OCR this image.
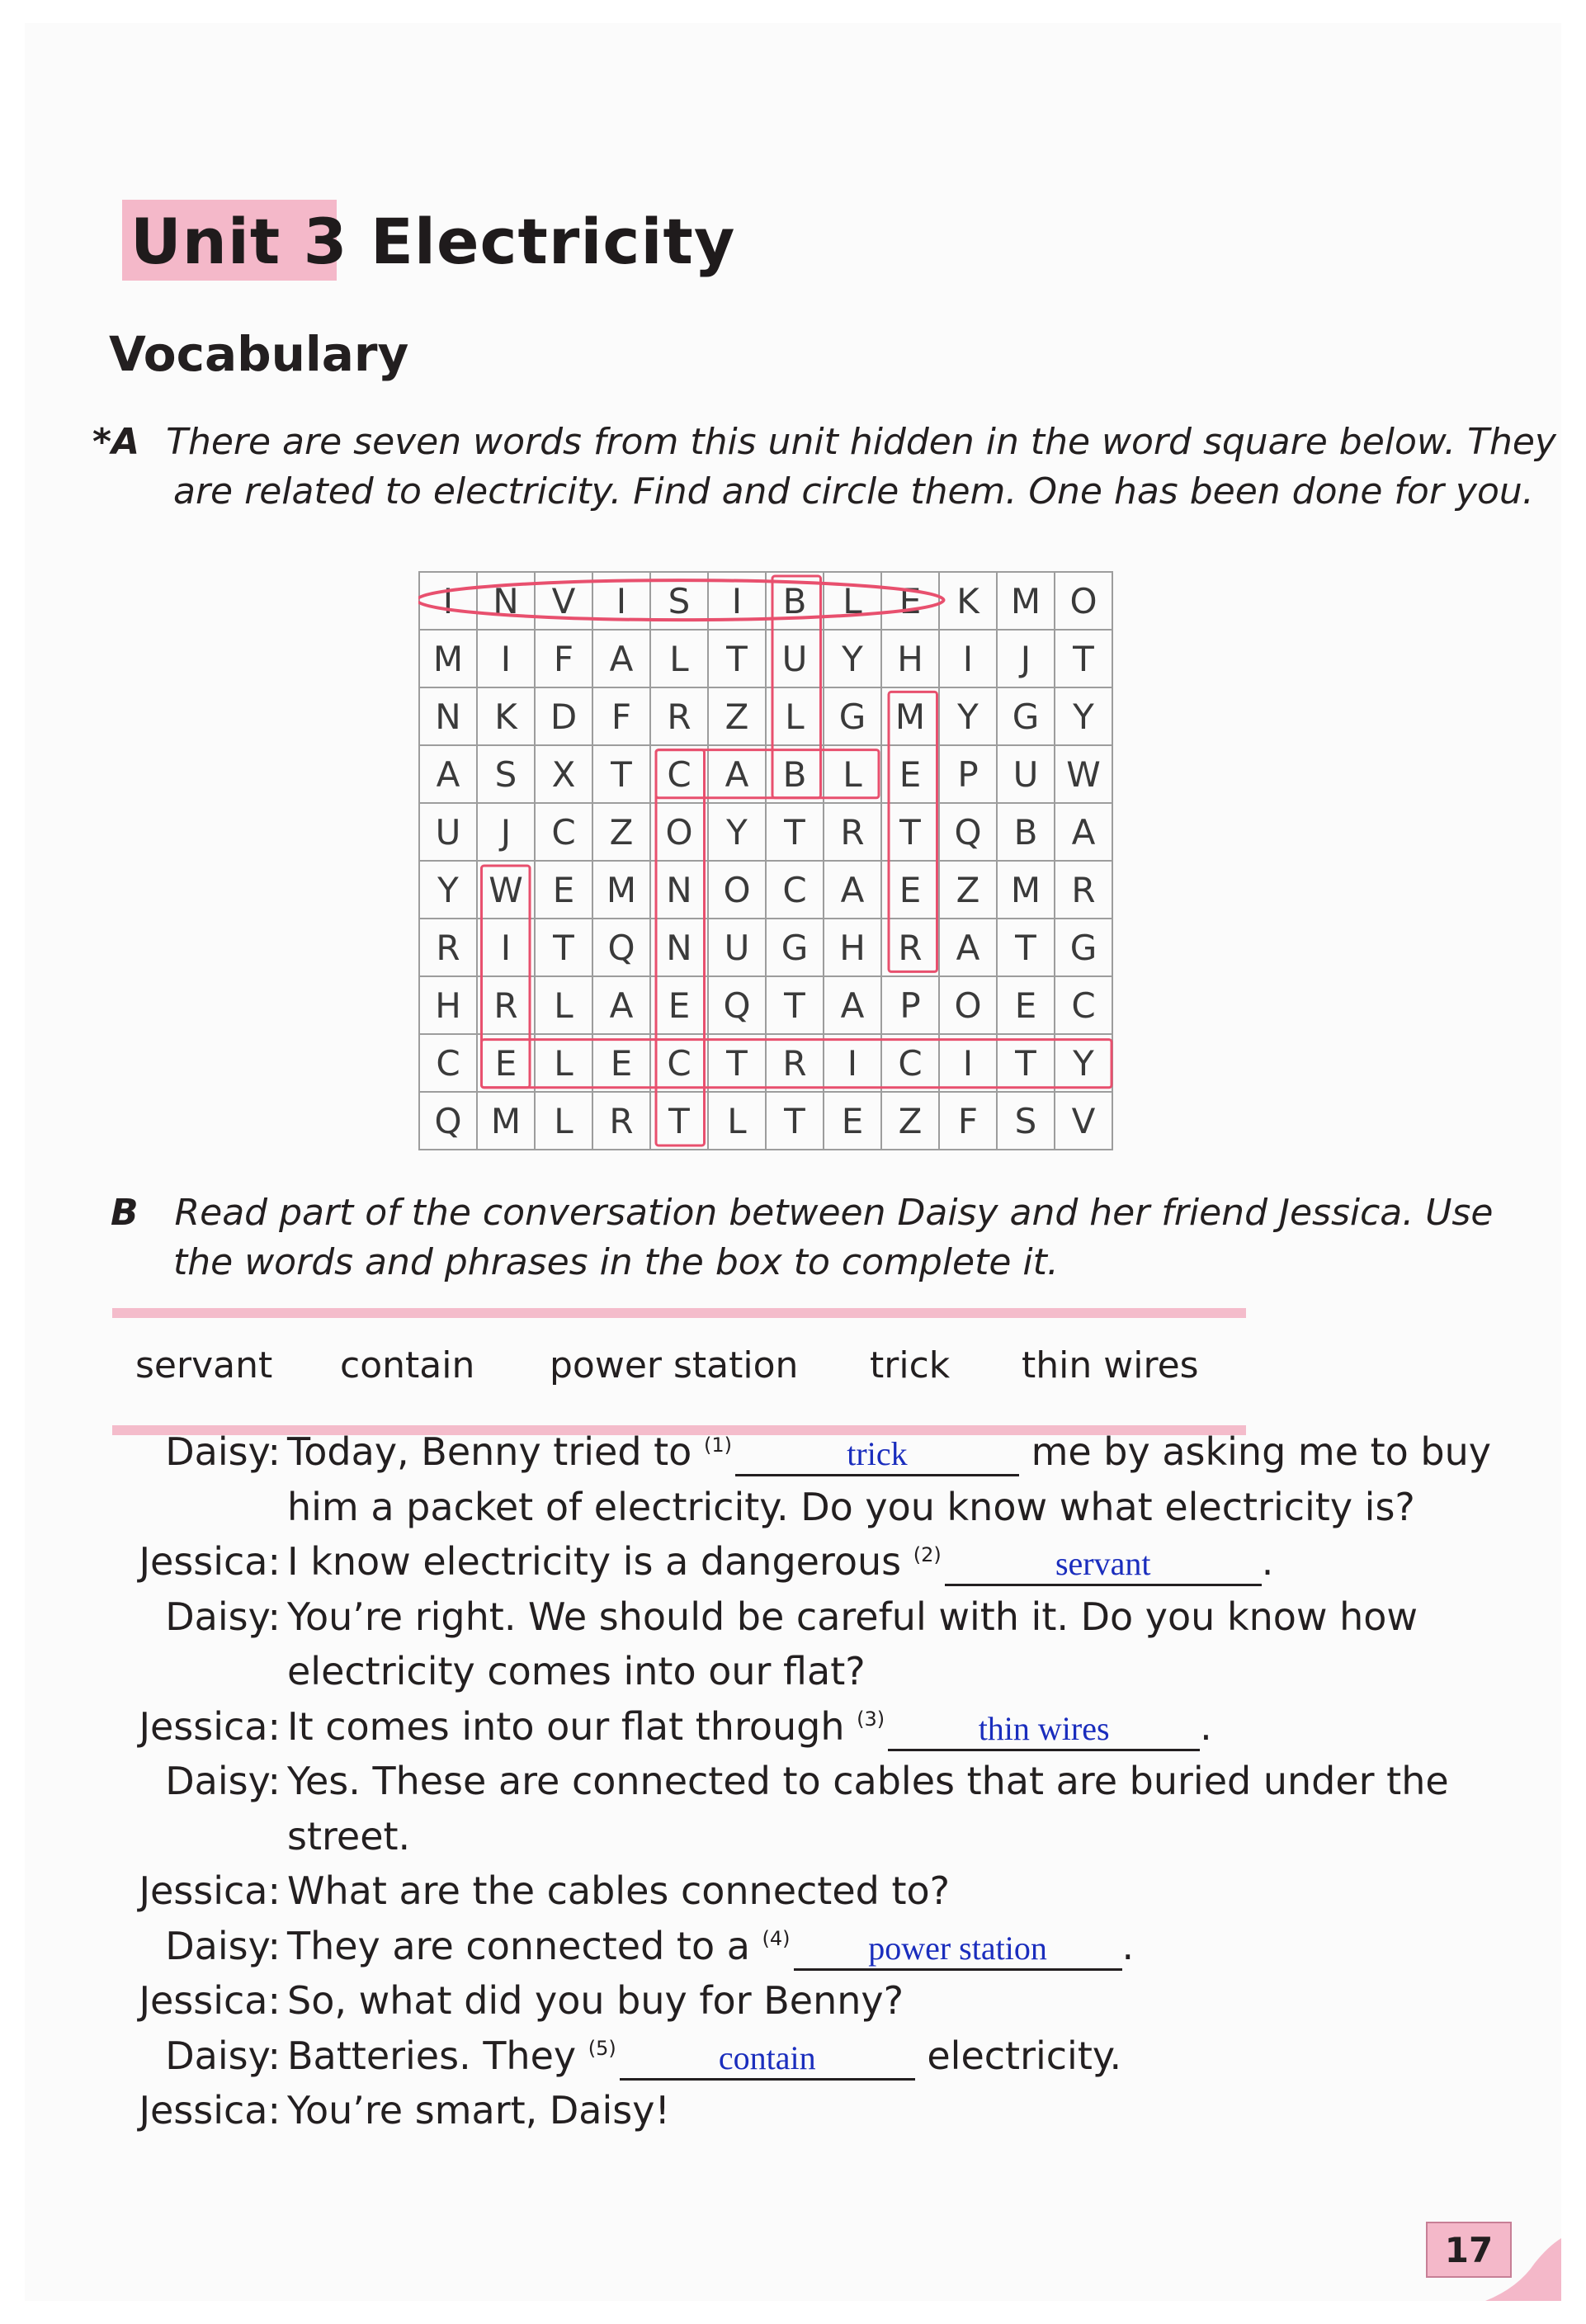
Unit 3 Electricity
Vocabulary
*A There are seven words from this unit hidden in the word square below. They
are related to electricity. Find and circle them. One has been done for you.
I	N	V	I	S	I	B	L	E	K	M	O
M	I	F	A	L	T	U	Y	H	I	J	T
N	K	D	F	R	Z	L	G	M	Y	G	Y
A	S	X	T	C	A	B	L	E	P	U	W
U	J	C	Z	O	Y	T	R	T	Q	B	A
Y	W	E	M	N	O	C	A	E	Z	M	R
R	I	T	Q	N	U	G	H	R	A	T	G
H	R	L	A	E	Q	T	A	P	O	E	C
C	E	L	E	C	T	R	I	C	I	T	Y
Q	M	L	R	T	L	T	E	Z	F	S	V
B Read part of the conversation between Daisy and her friend Jessica. Use
the words and phrases in the box to complete it.
servant contain power station trick thin wires
Daisy: Today, Benny tried to $^{(1)}$	trick	me by asking me to buy
him a packet of electricity. Do you know what electricity is?
Jessica: I know electricity is a dangerous $^{(2)}$	servant	.
Daisy: You’re right. We should be careful with it. Do you know how
electricity comes into our flat?
Jessica: It comes into our flat through $^{(3)}$	thin wires .
Daisy: Yes. These are connected to cables that are buried under the
street.
Jessica: What are the cables connected to?
Daisy: They are connected to a $^{(4)}$ power station .
Jessica: So, what did you buy for Benny?
Daisy: Batteries. They $^{(5)}$	contain	electricity.
Jessica: You’re smart, Daisy!
17
